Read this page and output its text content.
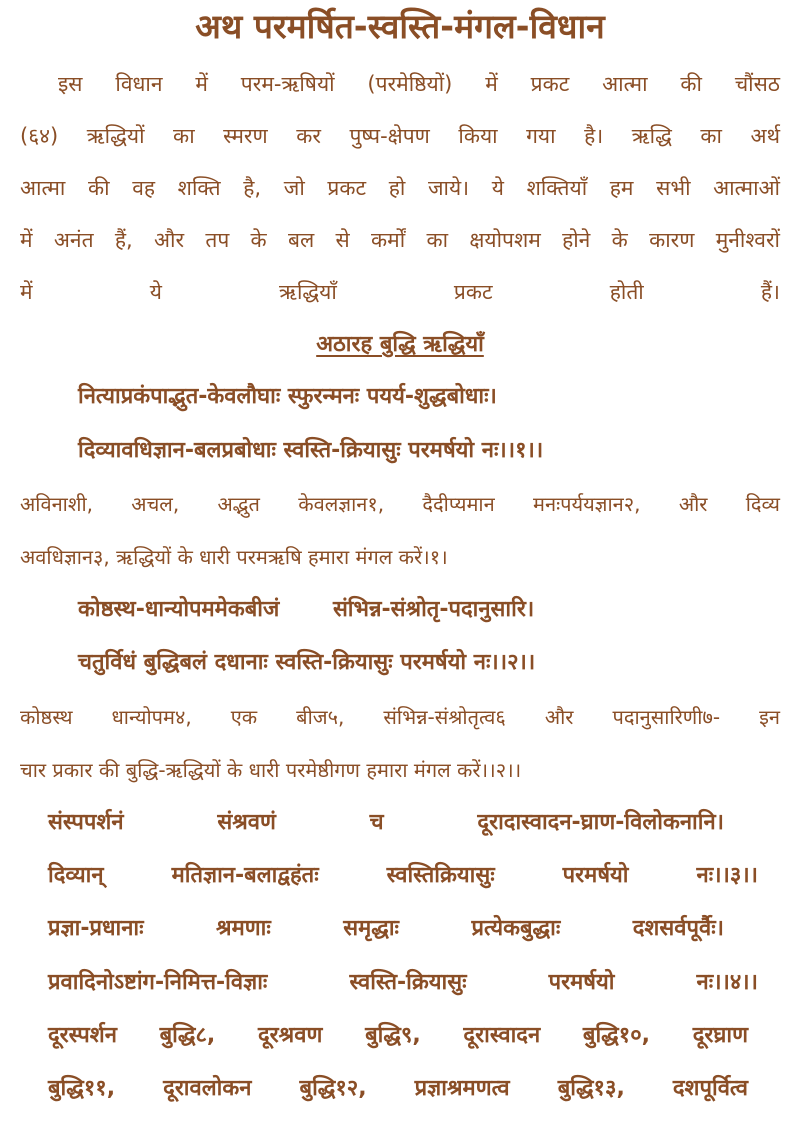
अथ परमर्षित-स्वस्ति-मंगल-विधान
इस विधान में परम-ऋषियों (परमेष्ठियों) में प्रकट आत्मा की चौंसठ
(६४) ऋद्धियों का स्मरण कर पुष्प-क्षेपण किया गया है। ऋद्धि का अर्थ
आत्मा की वह शक्ति है, जो प्रकट हो जाये। ये शक्तियाँ हम सभी आत्माओं
में अनंत हैं, और तप के बल से कर्मों का क्षयोपशम होने के कारण मुनीश्वरों
में ये ऋद्धियाँ प्रकट होती हैं।
अठारह बुद्धि ऋद्धियाँ

नित्याप्रकंपाद्भुत-केवलौघाः स्फुरन्मनः पयर्य-शुद्धबोधाः।

दिव्यावधिज्ञान-बलप्रबोधाः स्वस्ति-क्रियासुः परमर्षयो नः।।१।।

अविनाशी, अचल, अद्भुत केवलज्ञान१, दैदीप्यमान मनःपर्ययज्ञान२, और दिव्य

अवधिज्ञान३, ऋद्धियों के धारी परमऋषि हमारा मंगल करें।१।

कोष्ठस्थ-धान्योपममेकबीजं       संभिन्न-संश्रोतृ-पदानुसारि।

चतुर्विधं बुद्धिबलं दधानाः स्वस्ति-क्रियासुः परमर्षयो नः।।२।।

कोष्ठस्थ धान्योपम४, एक बीज५, संभिन्न-संश्रोतृत्व६ और पदानुसारिणी७- इन

चार प्रकार की बुद्धि-ऋद्धियों के धारी परमेष्ठीगण हमारा मंगल करें।।२।।

संस्पपर्शनं संश्रवणं च दूरादास्वादन-घ्राण-विलोकनानि।

दिव्यान् मतिज्ञान-बलाद्वहंतः स्वस्तिक्रियासुः परमर्षयो नः।।३।।

प्रज्ञा-प्रधानाः श्रमणाः समृद्धाः प्रत्येकबुद्धाः दशसर्वपूर्वैः।

प्रवादिनोऽष्टांग-निमित्त-विज्ञाः स्वस्ति-क्रियासुः परमर्षयो नः।।४।।

दूरस्पर्शन बुद्धि८, दूरश्रवण बुद्धि९, दूरास्वादन बुद्धि१०, दूरघ्राण

बुद्धि११, दूरावलोकन बुद्धि१२, प्रज्ञाश्रमणत्व बुद्धि१३, दशपूर्वित्व
